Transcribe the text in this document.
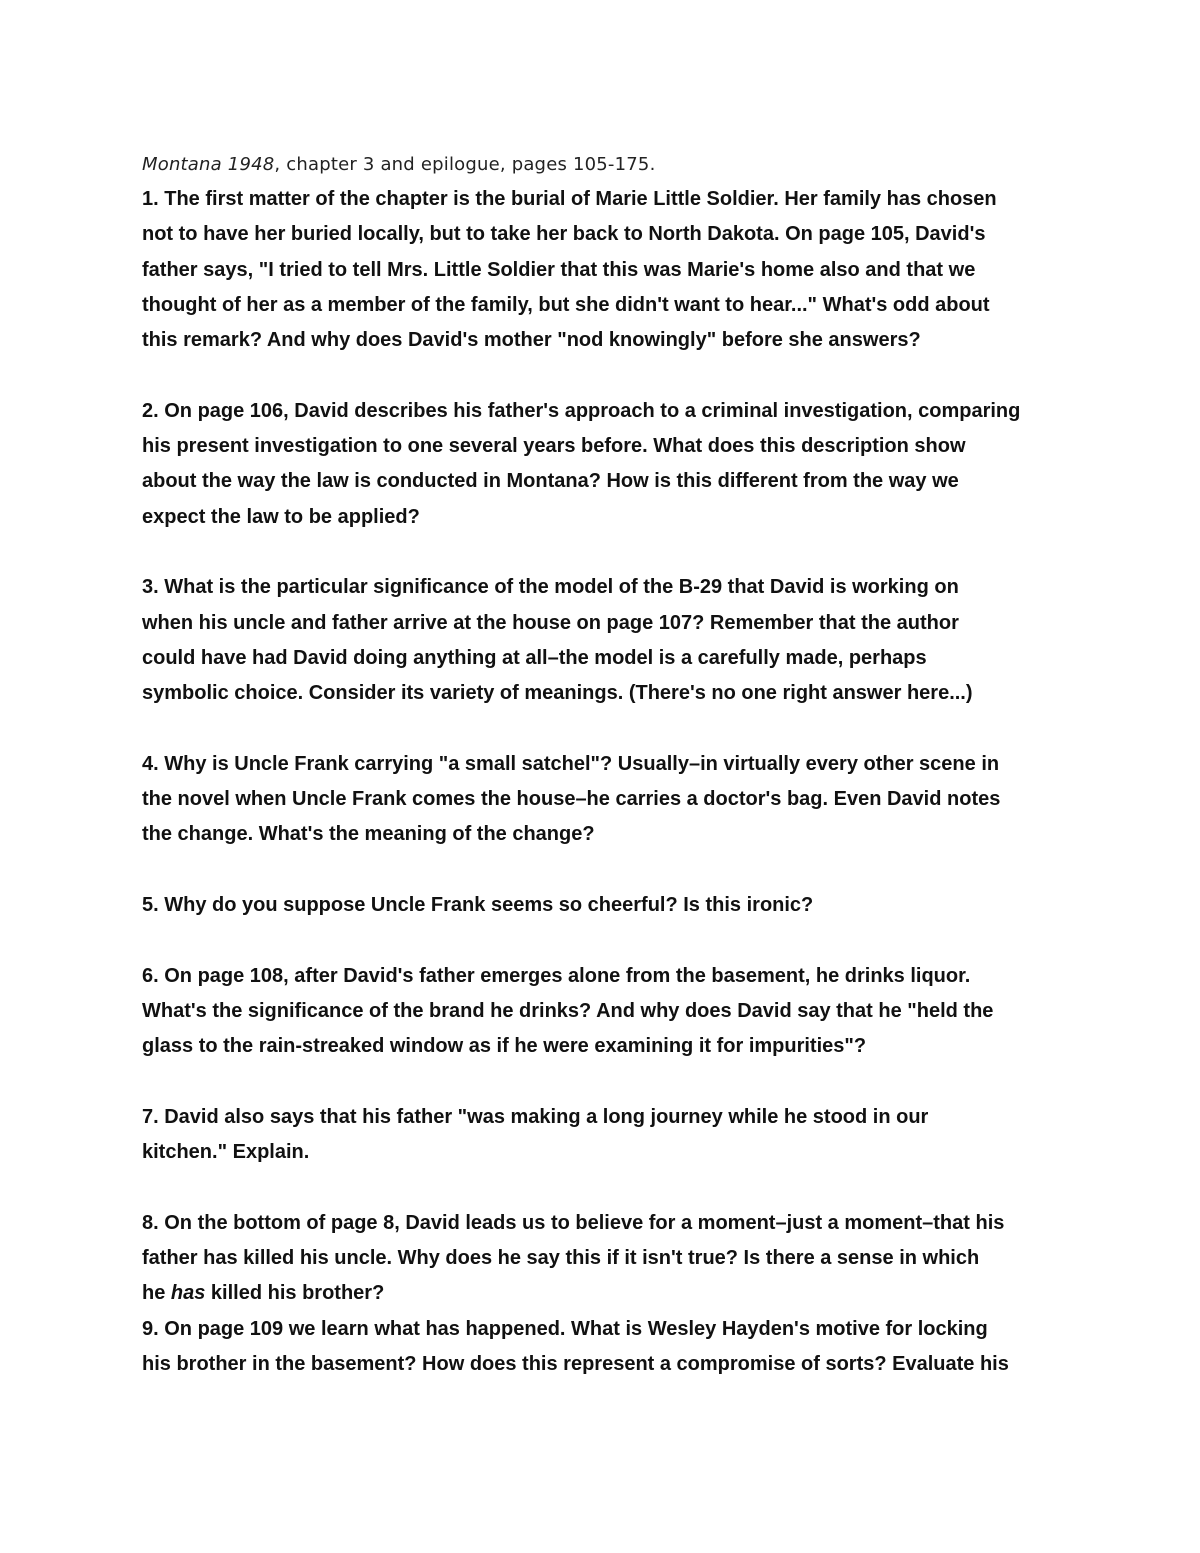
Montana 1948, chapter 3 and epilogue, pages 105-175.

1. The first matter of the chapter is the burial of Marie Little Soldier. Her family has chosen
not to have her buried locally, but to take her back to North Dakota. On page 105, David's
father says, "I tried to tell Mrs. Little Soldier that this was Marie's home also and that we
thought of her as a member of the family, but she didn't want to hear..." What's odd about
this remark? And why does David's mother "nod knowingly" before she answers?

2. On page 106, David describes his father's approach to a criminal investigation, comparing
his present investigation to one several years before. What does this description show
about the way the law is conducted in Montana? How is this different from the way we
expect the law to be applied?

3. What is the particular significance of the model of the B-29 that David is working on
when his uncle and father arrive at the house on page 107? Remember that the author
could have had David doing anything at all–the model is a carefully made, perhaps
symbolic choice. Consider its variety of meanings. (There's no one right answer here...)

4. Why is Uncle Frank carrying "a small satchel"? Usually–in virtually every other scene in
the novel when Uncle Frank comes the house–he carries a doctor's bag. Even David notes
the change. What's the meaning of the change?

5. Why do you suppose Uncle Frank seems so cheerful? Is this ironic?

6. On page 108, after David's father emerges alone from the basement, he drinks liquor.
What's the significance of the brand he drinks? And why does David say that he "held the
glass to the rain-streaked window as if he were examining it for impurities"?

7. David also says that his father "was making a long journey while he stood in our
kitchen." Explain.

8. On the bottom of page 8, David leads us to believe for a moment–just a moment–that his
father has killed his uncle. Why does he say this if it isn't true? Is there a sense in which
he has killed his brother?

9. On page 109 we learn what has happened. What is Wesley Hayden's motive for locking
his brother in the basement? How does this represent a compromise of sorts? Evaluate his
